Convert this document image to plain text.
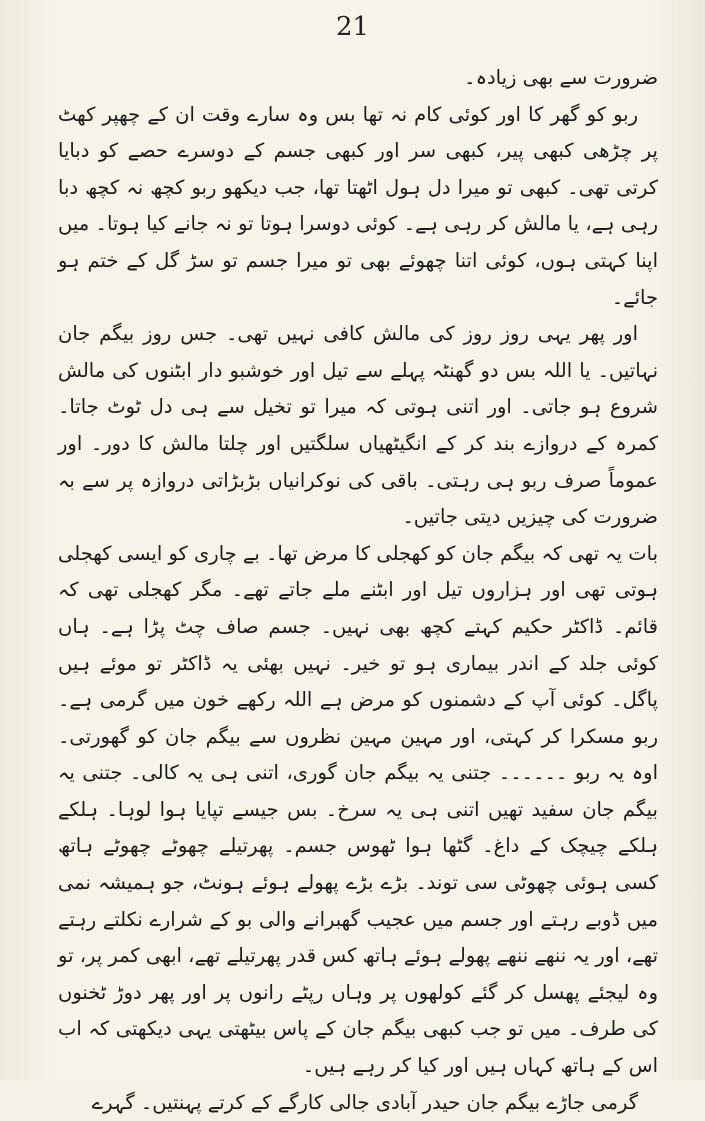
21

ضرورت سے بھی زیادہ۔

ربو کو گھر کا اور کوئی کام نہ تھا بس وہ سارے وقت ان کے چھپر کھٹ پر چڑھی کبھی پیر، کبھی سر اور کبھی جسم کے دوسرے حصے کو دبایا کرتی تھی۔ کبھی تو میرا دل ہول اٹھتا تھا، جب دیکھو ربو کچھ نہ کچھ دبا رہی ہے، یا مالش کر رہی ہے۔ کوئی دوسرا ہوتا تو نہ جانے کیا ہوتا۔ میں اپنا کہتی ہوں، کوئی اتنا چھوئے بھی تو میرا جسم تو سڑ گل کے ختم ہو جائے۔

اور پھر یہی روز روز کی مالش کافی نہیں تھی۔ جس روز بیگم جان نہاتیں۔ یا اللہ بس دو گھنٹہ پہلے سے تیل اور خوشبو دار ابٹنوں کی مالش شروع ہو جاتی۔ اور اتنی ہوتی کہ میرا تو تخیل سے ہی دل ٹوٹ جاتا۔ کمرہ کے دروازے بند کر کے انگیٹھیاں سلگتیں اور چلتا مالش کا دور۔ اور عموماً صرف ربو ہی رہتی۔ باقی کی نوکرانیاں بڑبڑاتی دروازہ پر سے بہ ضرورت کی چیزیں دیتی جاتیں۔

بات یہ تھی کہ بیگم جان کو کھجلی کا مرض تھا۔ بے چاری کو ایسی کھجلی ہوتی تھی اور ہزاروں تیل اور ابٹنے ملے جاتے تھے۔ مگر کھجلی تھی کہ قائم۔ ڈاکٹر حکیم کہتے کچھ بھی نہیں۔ جسم صاف چٹ پڑا ہے۔ ہاں کوئی جلد کے اندر بیماری ہو تو خیر۔ نہیں بھئی یہ ڈاکٹر تو موئے ہیں پاگل۔ کوئی آپ کے دشمنوں کو مرض ہے اللہ رکھے خون میں گرمی ہے۔ ربو مسکرا کر کہتی، اور مہین مہین نظروں سے بیگم جان کو گھورتی۔ اوہ یہ ربو ۔۔۔۔۔۔ جتنی یہ بیگم جان گوری، اتنی ہی یہ کالی۔ جتنی یہ بیگم جان سفید تھیں اتنی ہی یہ سرخ۔ بس جیسے تپایا ہوا لوہا۔ ہلکے ہلکے چیچک کے داغ۔ گٹھا ہوا ٹھوس جسم۔ پھرتیلے چھوٹے چھوٹے ہاتھ کسی ہوئی چھوٹی سی توند۔ بڑے بڑے پھولے ہوئے ہونٹ، جو ہمیشہ نمی میں ڈوبے رہتے اور جسم میں عجیب گھبرانے والی بو کے شرارے نکلتے رہتے تھے، اور یہ ننھے ننھے پھولے ہوئے ہاتھ کس قدر پھرتیلے تھے، ابھی کمر پر، تو وہ لیجئے پھسل کر گئے کولھوں پر وہاں رپٹے رانوں پر اور پھر دوڑ ٹخنوں کی طرف۔ میں تو جب کبھی بیگم جان کے پاس بیٹھتی یہی دیکھتی کہ اب اس کے ہاتھ کہاں ہیں اور کیا کر رہے ہیں۔

گرمی جاڑے بیگم جان حیدر آبادی جالی کارگے کے کرتے پہنتیں۔ گہرے
